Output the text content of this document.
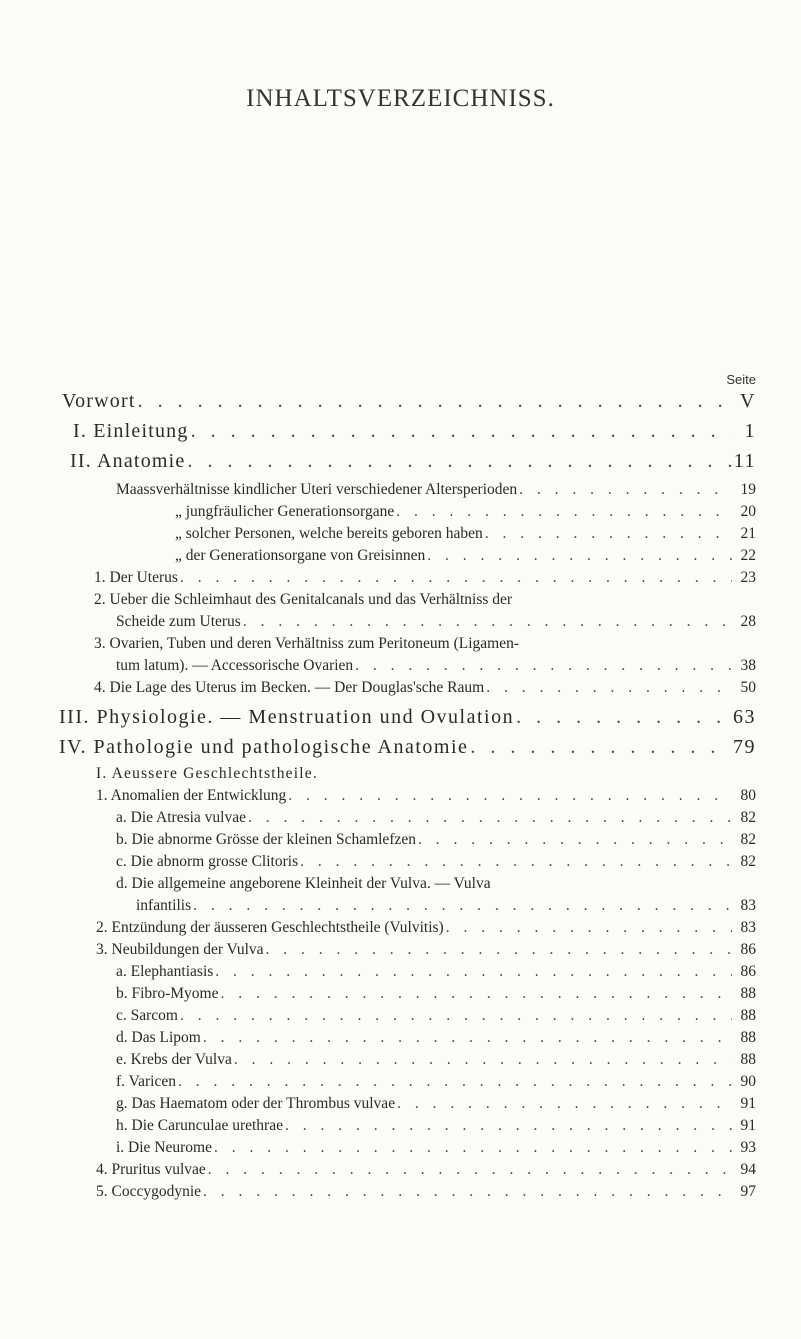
INHALTSVERZEICHNISS.
Seite
Vorwort . . .	V
I. Einleitung . . .	1
II. Anatomie . . .	11
Maassverhältnisse kindlicher Uteri verschiedener Altersperioden . . .	19
„ jungfräulicher Generationsorgane . . .	20
„ solcher Personen, welche bereits geboren haben . . .	21
„ der Generationsorgane von Greisinnen . . .	22
1. Der Uterus . . .	23
2. Ueber die Schleimhaut des Genitalcanals und das Verhältniss der
Scheide zum Uterus . . .	28
3. Ovarien, Tuben und deren Verhältniss zum Peritoneum (Ligamen-
tum latum). — Accessorische Ovarien . . .	38
4. Die Lage des Uterus im Becken. — Der Douglas'sche Raum . . .	50
III. Physiologie. — Menstruation und Ovulation . . .	63
IV. Pathologie und pathologische Anatomie . . .	79
I. Aeussere Geschlechtstheile.
1. Anomalien der Entwicklung . . .	80
a. Die Atresia vulvae . . .	82
b. Die abnorme Grösse der kleinen Schamlefzen . . .	82
c. Die abnorm grosse Clitoris . . .	82
d. Die allgemeine angeborene Kleinheit der Vulva. — Vulva
infantilis . . .	83
2. Entzündung der äusseren Geschlechtstheile (Vulvitis) . . .	83
3. Neubildungen der Vulva . . .	86
a. Elephantiasis . . .	86
b. Fibro-Myome . . .	88
c. Sarcom . . .	88
d. Das Lipom . . .	88
e. Krebs der Vulva . . .	88
f. Varicen . . .	90
g. Das Haematom oder der Thrombus vulvae . . .	91
h. Die Carunculae urethrae . . .	91
i. Die Neurome . . .	93
4. Pruritus vulvae . . .	94
5. Coccygodynie . . .	97
